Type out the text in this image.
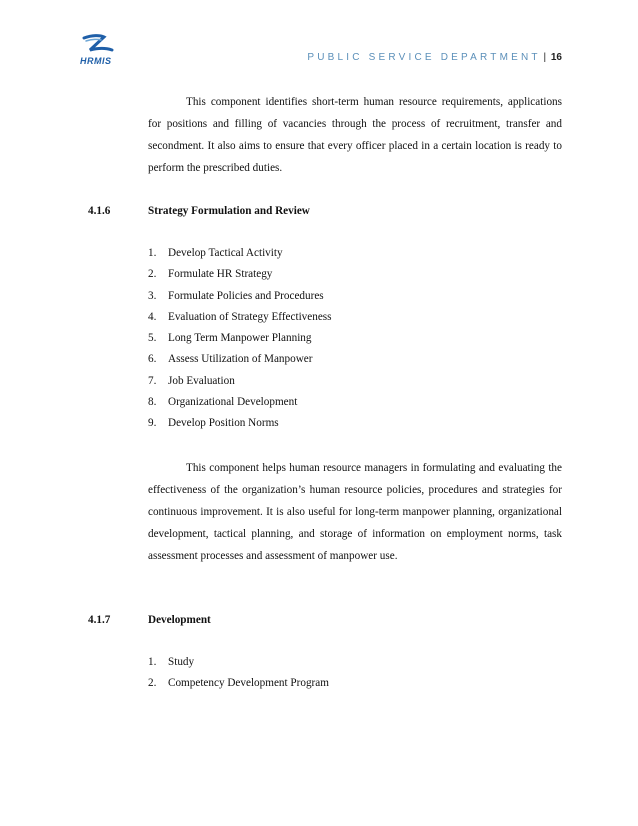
HRMIS	PUBLIC SERVICE DEPARTMENT | 16
This component identifies short-term human resource requirements, applications for positions and filling of vacancies through the process of recruitment, transfer and secondment. It also aims to ensure that every officer placed in a certain location is ready to perform the prescribed duties.
4.1.6	Strategy Formulation and Review
1. Develop Tactical Activity
2. Formulate HR Strategy
3. Formulate Policies and Procedures
4. Evaluation of Strategy Effectiveness
5. Long Term Manpower Planning
6. Assess Utilization of Manpower
7. Job Evaluation
8. Organizational Development
9. Develop Position Norms
This component helps human resource managers in formulating and evaluating the effectiveness of the organization’s human resource policies, procedures and strategies for continuous improvement. It is also useful for long-term manpower planning, organizational development, tactical planning, and storage of information on employment norms, task assessment processes and assessment of manpower use.
4.1.7	Development
1. Study
2. Competency Development Program
